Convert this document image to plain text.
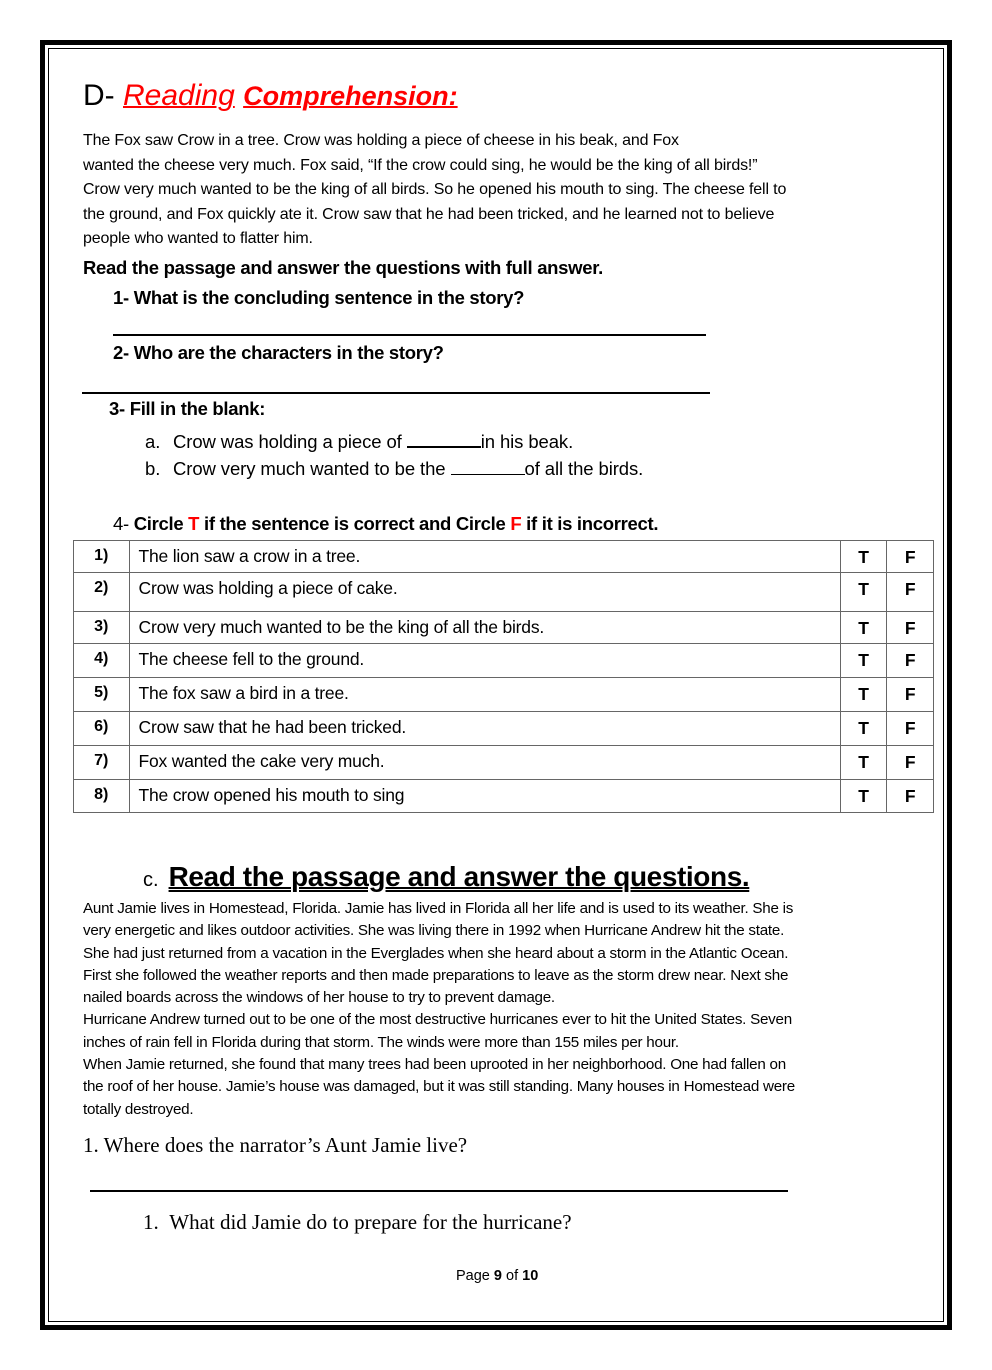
D- Reading Comprehension:
The Fox saw Crow in a tree. Crow was holding a piece of cheese in his beak, and Fox
wanted the cheese very much. Fox said, “If the crow could sing, he would be the king of all birds!”
Crow very much wanted to be the king of all birds. So he opened his mouth to sing. The cheese fell to
the ground, and Fox quickly ate it. Crow saw that he had been tricked, and he learned not to believe
people who wanted to flatter him.
Read the passage and answer the questions with full answer.
1- What is the concluding sentence in the story?
2- Who are the characters in the story?
3- Fill in the blank:
a. Crow was holding a piece of	in his beak.
b. Crow very much wanted to be the	of all the birds.
4- Circle T if the sentence is correct and Circle F if it is incorrect.
1)	The lion saw a crow in a tree.	T	F
2)	Crow was holding a piece of cake.	T	F
3)	Crow very much wanted to be the king of all the birds.	T	F
4)	The cheese fell to the ground.	T	F
5)	The fox saw a bird in a tree.	T	F
6)	Crow saw that he had been tricked.	T	F
7)	Fox wanted the cake very much.	T	F
8)	The crow opened his mouth to sing	T	F
c. Read the passage and answer the questions.
Aunt Jamie lives in Homestead, Florida. Jamie has lived in Florida all her life and is used to its weather. She is
very energetic and likes outdoor activities. She was living there in 1992 when Hurricane Andrew hit the state.
She had just returned from a vacation in the Everglades when she heard about a storm in the Atlantic Ocean.
First she followed the weather reports and then made preparations to leave as the storm drew near. Next she
nailed boards across the windows of her house to try to prevent damage.
Hurricane Andrew turned out to be one of the most destructive hurricanes ever to hit the United States. Seven
inches of rain fell in Florida during that storm. The winds were more than 155 miles per hour.
When Jamie returned, she found that many trees had been uprooted in her neighborhood. One had fallen on
the roof of her house. Jamie’s house was damaged, but it was still standing. Many houses in Homestead were
totally destroyed.
1. Where does the narrator’s Aunt Jamie live?
1. What did Jamie do to prepare for the hurricane?
Page 9 of 10
